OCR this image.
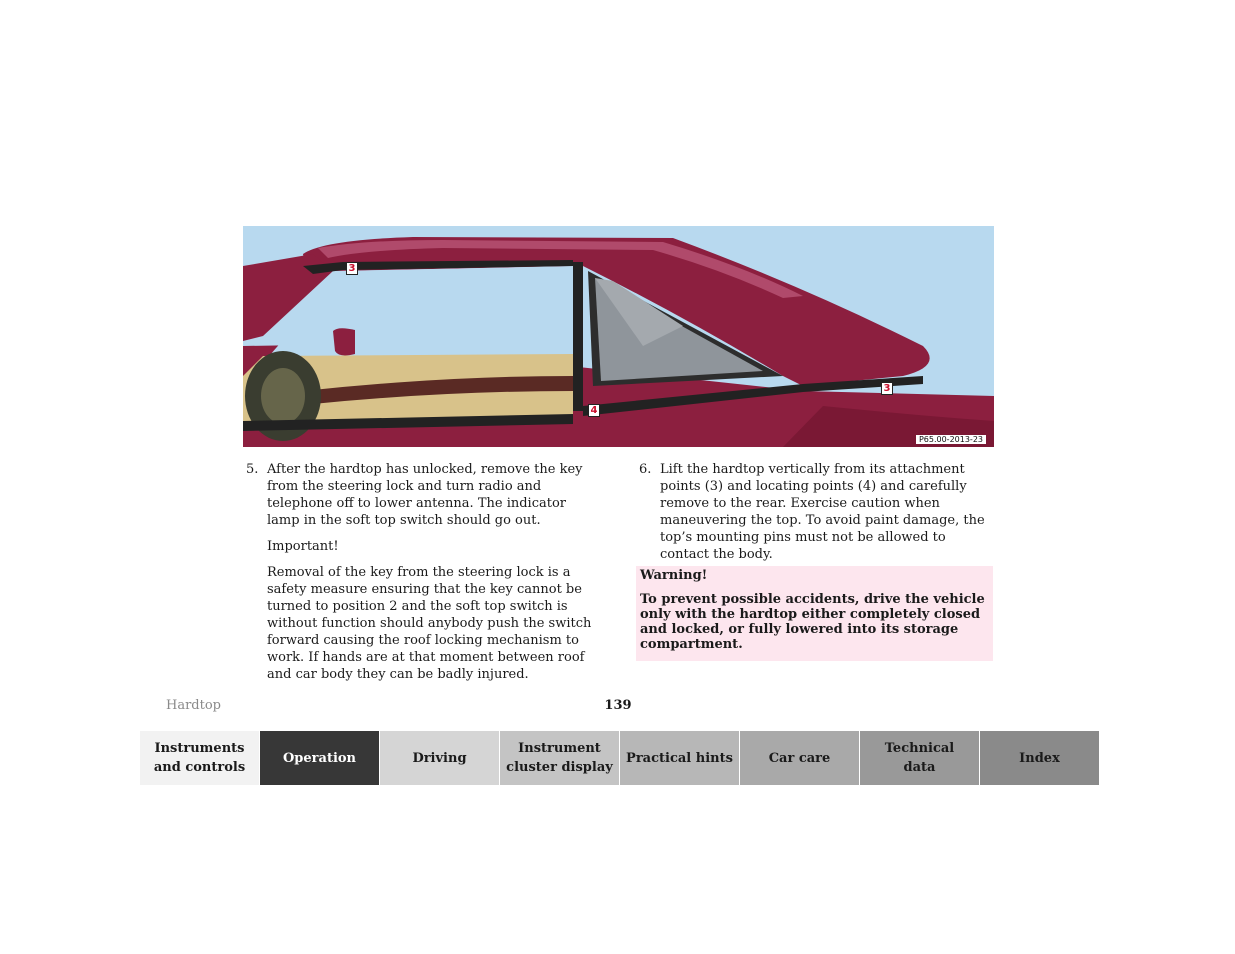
3
3
4
P65.00-2013-23

5. After the hardtop has unlocked, remove the key from the steering lock and turn radio and telephone off to lower antenna. The indicator lamp in the soft top switch should go out.

Important!

Removal of the key from the steering lock is a safety measure ensuring that the key cannot be turned to position 2 and the soft top switch is without function should anybody push the switch forward causing the roof locking mechanism to work. If hands are at that moment between roof and car body they can be badly injured.

6. Lift the hardtop vertically from its attachment points (3) and locating points (4) and carefully remove to the rear. Exercise caution when maneuvering the top. To avoid paint damage, the top’s mounting pins must not be allowed to contact the body.

Warning!

To prevent possible accidents, drive the vehicle only with the hardtop either completely closed and locked, or fully lowered into its storage compartment.

Hardtop	139
Instruments
and controls
Operation	Driving
Instrument
cluster display
Practical hints	Car care
Technical
data
Index
